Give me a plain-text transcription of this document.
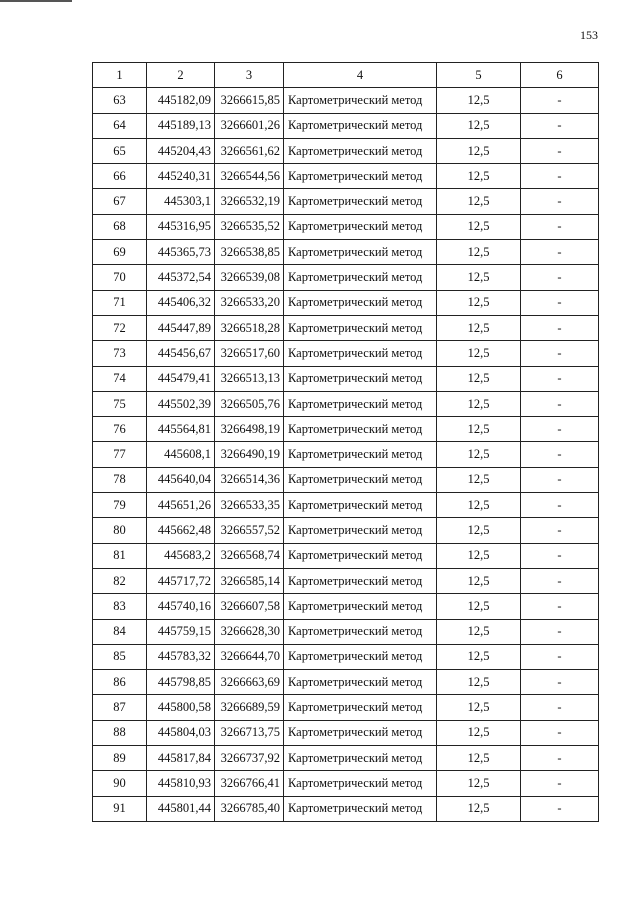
153
1	2	3	4	5	6
63	445182,09	3266615,85	Картометрический метод	12,5	-
64	445189,13	3266601,26	Картометрический метод	12,5	-
65	445204,43	3266561,62	Картометрический метод	12,5	-
66	445240,31	3266544,56	Картометрический метод	12,5	-
67	445303,1	3266532,19	Картометрический метод	12,5	-
68	445316,95	3266535,52	Картометрический метод	12,5	-
69	445365,73	3266538,85	Картометрический метод	12,5	-
70	445372,54	3266539,08	Картометрический метод	12,5	-
71	445406,32	3266533,20	Картометрический метод	12,5	-
72	445447,89	3266518,28	Картометрический метод	12,5	-
73	445456,67	3266517,60	Картометрический метод	12,5	-
74	445479,41	3266513,13	Картометрический метод	12,5	-
75	445502,39	3266505,76	Картометрический метод	12,5	-
76	445564,81	3266498,19	Картометрический метод	12,5	-
77	445608,1	3266490,19	Картометрический метод	12,5	-
78	445640,04	3266514,36	Картометрический метод	12,5	-
79	445651,26	3266533,35	Картометрический метод	12,5	-
80	445662,48	3266557,52	Картометрический метод	12,5	-
81	445683,2	3266568,74	Картометрический метод	12,5	-
82	445717,72	3266585,14	Картометрический метод	12,5	-
83	445740,16	3266607,58	Картометрический метод	12,5	-
84	445759,15	3266628,30	Картометрический метод	12,5	-
85	445783,32	3266644,70	Картометрический метод	12,5	-
86	445798,85	3266663,69	Картометрический метод	12,5	-
87	445800,58	3266689,59	Картометрический метод	12,5	-
88	445804,03	3266713,75	Картометрический метод	12,5	-
89	445817,84	3266737,92	Картометрический метод	12,5	-
90	445810,93	3266766,41	Картометрический метод	12,5	-
91	445801,44	3266785,40	Картометрический метод	12,5	-
